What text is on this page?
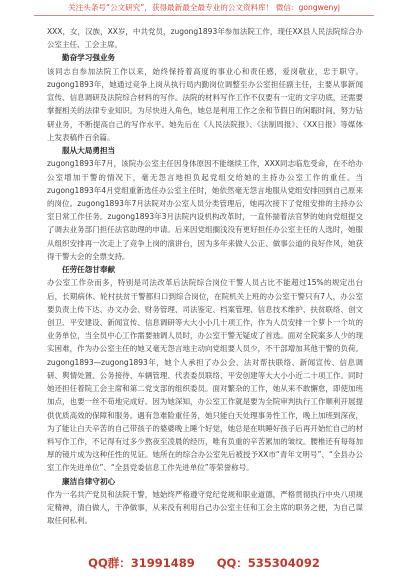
关注头条号“公文研究”，获得最新最全最专业的公文资料库！ 微信：gongwenyj

XXX，女，汉族，XX岁，中共党员，zugong1893年参加法院工作，现任XX县人民法院综合办公室主任、工会主席。

勤奋学习强业务

该同志自参加法院工作以来，始终保持着高度的事业心和责任感，爱岗敬业，忠于职守。zugong1893年，她通过竞争上岗从执行局内勤岗位调整至办公室担任副主任，主要从事新闻宣传、信息调研及法院综合材料的写作。法院的材料写作工作不仅要有一定的文字功底，还需要掌握相关的法律专业知识。为尽快进入角色，她总是利用工作之余和节假日的闲暇时间，努力钻研业务，不断提高自己的写作水平。她先后在《人民法院报》、《法制周报》、《XX日报》等媒体上发表稿件百余篇。

服从大局勇担当

zugong1893年7月，该院办公室主任因身体原因不能继续工作，XXX同志临危受命，在不给办公室增加干警的情况下，毫无怨言地担负起党组交给她的主持办公室工作的重任。当zugong1893年4月党组重新选任办公室主任时，她依然毫无怨言地服从党组安排回到自己原来的岗位。zugong1893年7月法院对办公室人员分类管理后，她再次接下了党组安排的主持办公室日常工作任务。zugong1893年3月法院内设机构改革时，一直怀揣着法官梦的她向党组提交了调去业务部门担任法官助理的申请。后来因党组搁浅没有更好担任办公室主任的人选时，她服从组织安排再一次走上了竞争上岗的演讲台，因为多年来做人公正、做事公道的良好作风，她获得干警大会的全票支持。

任劳任怨甘奉献

办公室工作杂而多，特别是司法改革后法院综合岗位干警人员占比不能超过15%的规定出台后，长期病休、轮村扶贫干警都归口到综合岗位，在院机关上班的办公室干警只有7人，办公室要负责上传下达、办文办会、财务管理、司法鉴定、档案管理、信息技术维护、扶贫联络、创文创卫、平安建设、新闻宣传、信息调研等大大小小几十项工作，作为人员安排一个萝卜一个坑的业务单位，当全员中心工作需要抽调人员时，办公室干警无疑成了首选。面对全院案多人少的现实困难，作为办公室主任的她又毫无怨言地主动向党组要人员少，不干部增加其他干警的负荷。zugong1893—zugong1893年，她个人承担了办公会、法对帮扶联络、新闻宣传、信息调研、舆情处置、公务接待、车辆管理、代表委员联络、平安创建等大大小小近二十项工作。同时她还担任着院工会主席和第二党支部的组织委员。面对繁杂的工作，她从来不敢懈怠，即使加班加点，也要一丝不苟地完成好。因为她深知，办公室工作就是要为全院审判执行工作顺利开展提供优质高效的保障和服务。遇有急难险重任务，她只能白天处理事务性工作，晚上加班到深夜，为了能让白天辛苦的自己带孩子的婆婆晚上睡个好觉，她总是在哄睡好孩子后再开始忙自己的材料写作工作，不记得有过多少熬夜至凌晨的经历，唯有负重的辛苦累加的皱纹。腰椎还有每每加厚的镜片成为这种任性的见证。她所在的综合办公室先后被授予XX市“青年文明号”、“全县办公室工作先进单位”、“全县党委信息工作先进单位”等荣誉称号。

廉洁自律守初心

作为一名共产党员和法院干警，她始终严格遵守党纪党规和职业道德，严格贯彻执行中央八项规定精神，清白做人，干净做事，从来没有利用自己办公室主任和工会主席的职务之便，为自己谋取任何私利。

QQ群：31991489 QQ：535304092
